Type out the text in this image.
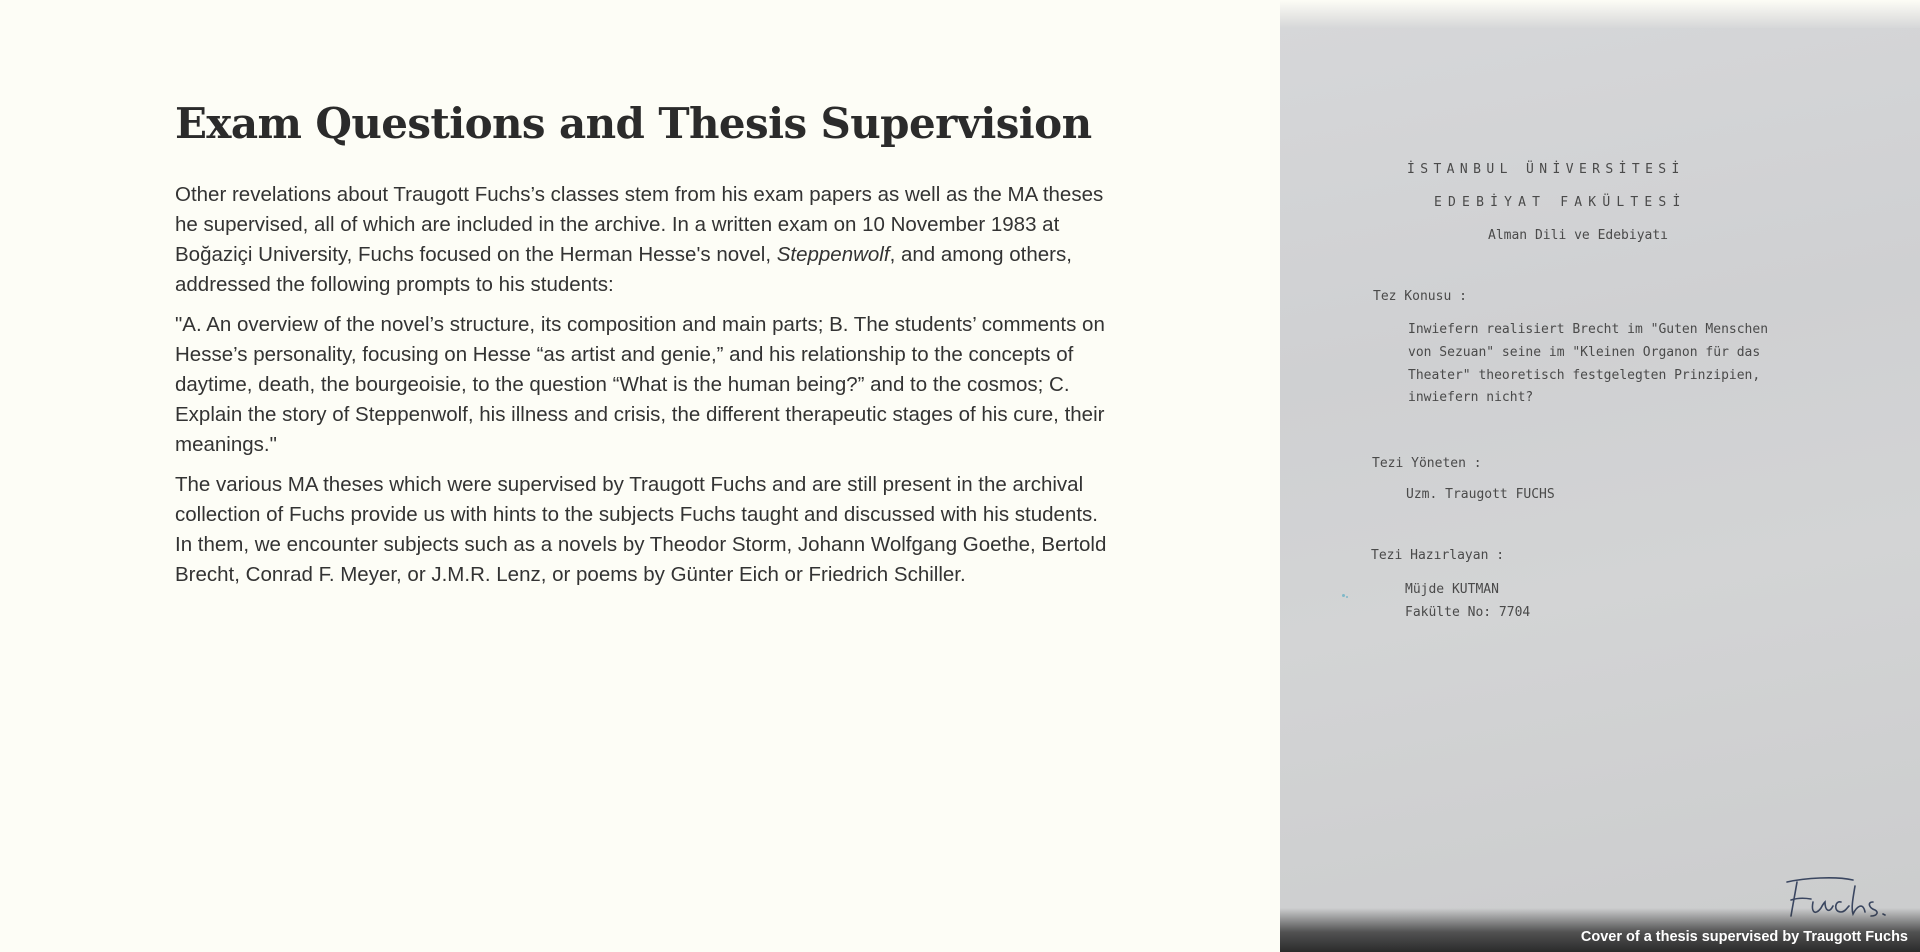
Exam Questions and Thesis Supervision

Other revelations about Traugott Fuchs’s classes stem from his exam papers as well as the MA theses he supervised, all of which are included in the archive. In a written exam on 10 November 1983 at Boğaziçi University, Fuchs focused on the Herman Hesse's novel, Steppenwolf, and among others, addressed the following prompts to his students:

"A. An overview of the novel’s structure, its composition and main parts; B. The students’ comments on Hesse’s personality, focusing on Hesse “as artist and genie,” and his relationship to the concepts of daytime, death, the bourgeoisie, to the question “What is the human being?” and to the cosmos; C. Explain the story of Steppenwolf, his illness and crisis, the different therapeutic stages of his cure, their meanings."

The various MA theses which were supervised by Traugott Fuchs and are still present in the archival collection of Fuchs provide us with hints to the subjects Fuchs taught and discussed with his students. In them, we encounter subjects such as a novels by Theodor Storm, Johann Wolfgang Goethe, Bertold Brecht, Conrad F. Meyer, or J.M.R. Lenz, or poems by Günter Eich or Friedrich Schiller.

İSTANBUL ÜNİVERSİTESİ
EDEBİYAT FAKÜLTESİ
Alman Dili ve Edebiyatı
Tez Konusu :
Inwiefern realisiert Brecht im "Guten Menschen
von Sezuan" seine im "Kleinen Organon für das
Theater" theoretisch festgelegten Prinzipien,
inwiefern nicht?
Tezi Yöneten :
Uzm. Traugott FUCHS
Tezi Hazırlayan :
Müjde KUTMAN
Fakülte No: 7704
Cover of a thesis supervised by Traugott Fuchs
